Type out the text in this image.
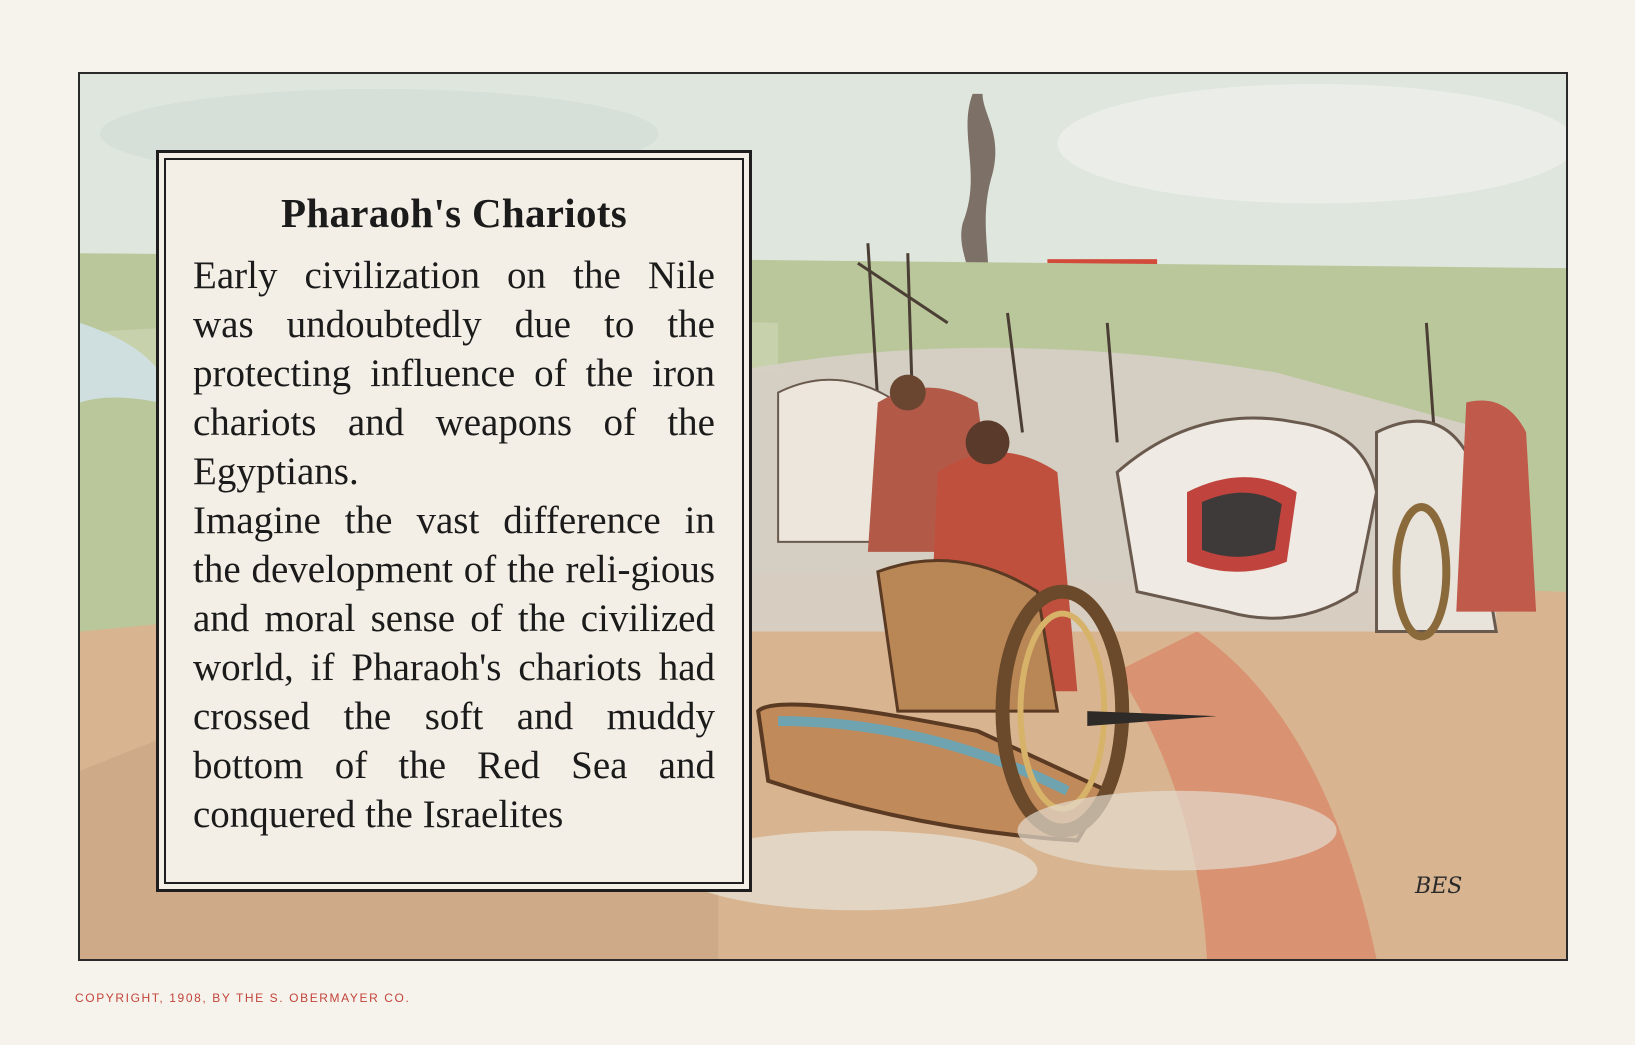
Pharaoh's Chariots

Early civilization on the Nile was undoubtedly due to the protecting influence of the iron chariots and weapons of the Egyptians.

Imagine the vast difference in the development of the reli-gious and moral sense of the civilized world, if Pharaoh's chariots had crossed the soft and muddy bottom of the Red Sea and conquered the Israelites

BES
COPYRIGHT, 1908, BY THE S. OBERMAYER CO.
